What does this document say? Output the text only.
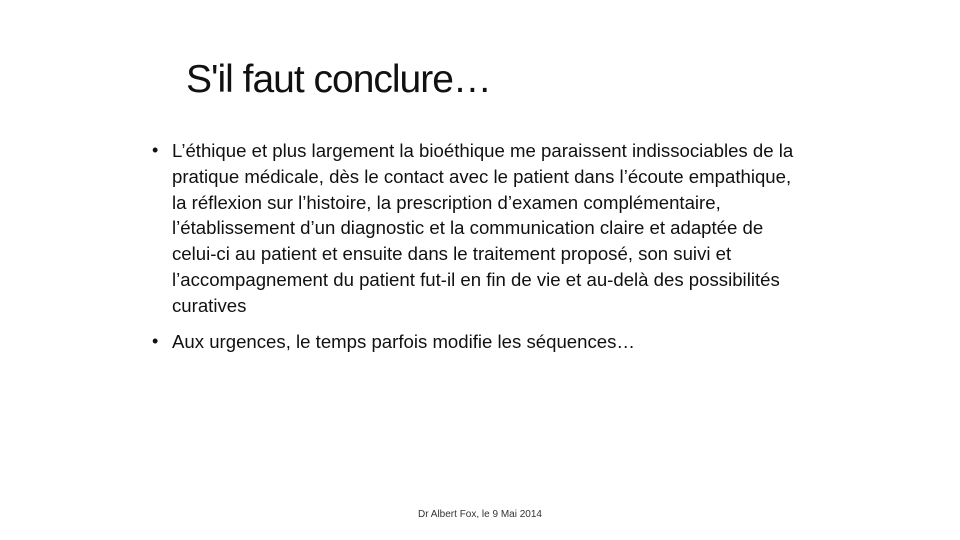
S'il faut conclure…
• L’éthique et plus largement la bioéthique me paraissent indissociables de la pratique médicale, dès le contact avec le patient dans l’écoute empathique, la réflexion sur l’histoire, la prescription d’examen complémentaire, l’établissement d’un diagnostic et la communication claire et adaptée de celui-ci au patient et ensuite dans le traitement proposé, son suivi et l’accompagnement du patient fut-il en fin de vie et au-delà des possibilités curatives
• Aux urgences, le temps parfois modifie les séquences…
Dr Albert Fox, le 9 Mai 2014
